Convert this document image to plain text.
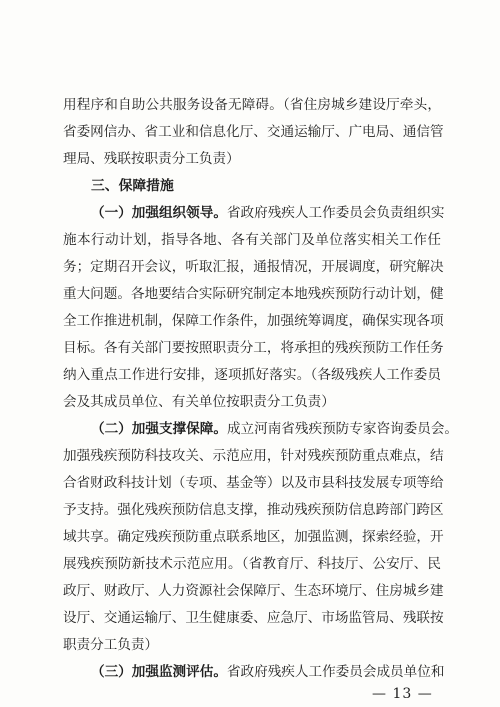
用程序和自助公共服务设备无障碍。（省住房城乡建设厅牵头，
省委网信办、省工业和信息化厅、交通运输厅、广电局、通信管
理局、残联按职责分工负责）
三、保障措施
（一）加强组织领导。省政府残疾人工作委员会负责组织实
施本行动计划，指导各地、各有关部门及单位落实相关工作任
务；定期召开会议，听取汇报，通报情况，开展调度，研究解决
重大问题。各地要结合实际研究制定本地残疾预防行动计划，健
全工作推进机制，保障工作条件，加强统筹调度，确保实现各项
目标。各有关部门要按照职责分工，将承担的残疾预防工作任务
纳入重点工作进行安排，逐项抓好落实。（各级残疾人工作委员
会及其成员单位、有关单位按职责分工负责）
（二）加强支撑保障。成立河南省残疾预防专家咨询委员会。
加强残疾预防科技攻关、示范应用，针对残疾预防重点难点，结
合省财政科技计划（专项、基金等）以及市县科技发展专项等给
予支持。强化残疾预防信息支撑，推动残疾预防信息跨部门跨区
域共享。确定残疾预防重点联系地区，加强监测，探索经验，开
展残疾预防新技术示范应用。（省教育厅、科技厅、公安厅、民
政厅、财政厅、人力资源社会保障厅、生态环境厅、住房城乡建
设厅、交通运输厅、卫生健康委、应急厅、市场监管局、残联按
职责分工负责）
（三）加强监测评估。省政府残疾人工作委员会成员单位和
— 13 —
